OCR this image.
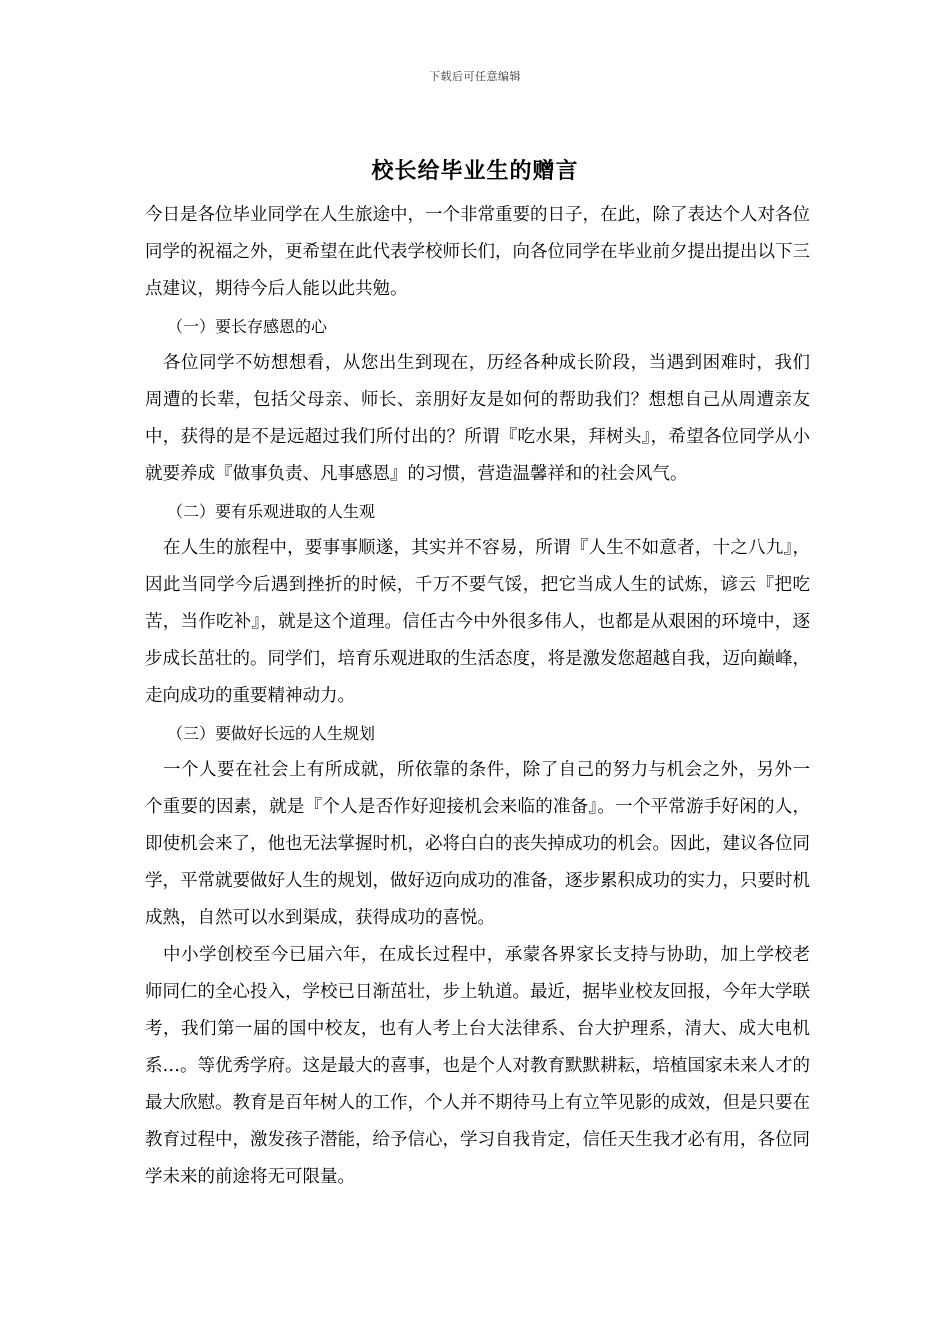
下载后可任意编辑
校长给毕业生的赠言

今日是各位毕业同学在人生旅途中，一个非常重要的日子，在此，除了表达个人对各位同学的祝福之外，更希望在此代表学校师长们，向各位同学在毕业前夕提出提出以下三点建议，期待今后人能以此共勉。

（一）要长存感恩的心

各位同学不妨想想看，从您出生到现在，历经各种成长阶段，当遇到困难时，我们周遭的长辈，包括父母亲、师长、亲朋好友是如何的帮助我们？想想自己从周遭亲友中，获得的是不是远超过我们所付出的？所谓『吃水果，拜树头』，希望各位同学从小就要养成『做事负责、凡事感恩』的习惯，营造温馨祥和的社会风气。

（二）要有乐观进取的人生观

在人生的旅程中，要事事顺遂，其实并不容易，所谓『人生不如意者，十之八九』，因此当同学今后遇到挫折的时候，千万不要气馁，把它当成人生的试炼，谚云『把吃苦，当作吃补』，就是这个道理。信任古今中外很多伟人，也都是从艰困的环境中，逐步成长茁壮的。同学们，培育乐观进取的生活态度，将是激发您超越自我，迈向巅峰，走向成功的重要精神动力。

（三）要做好长远的人生规划

一个人要在社会上有所成就，所依靠的条件，除了自己的努力与机会之外，另外一个重要的因素，就是『个人是否作好迎接机会来临的准备』。一个平常游手好闲的人，即使机会来了，他也无法掌握时机，必将白白的丧失掉成功的机会。因此，建议各位同学，平常就要做好人生的规划，做好迈向成功的准备，逐步累积成功的实力，只要时机成熟，自然可以水到渠成，获得成功的喜悦。

中小学创校至今已届六年，在成长过程中，承蒙各界家长支持与协助，加上学校老师同仁的全心投入，学校已日渐茁壮，步上轨道。最近，据毕业校友回报，今年大学联考，我们第一届的国中校友，也有人考上台大法律系、台大护理系，清大、成大电机系…。等优秀学府。这是最大的喜事，也是个人对教育默默耕耘，培植国家未来人才的最大欣慰。教育是百年树人的工作，个人并不期待马上有立竿见影的成效，但是只要在教育过程中，激发孩子潜能，给予信心，学习自我肯定，信任天生我才必有用，各位同学未来的前途将无可限量。
